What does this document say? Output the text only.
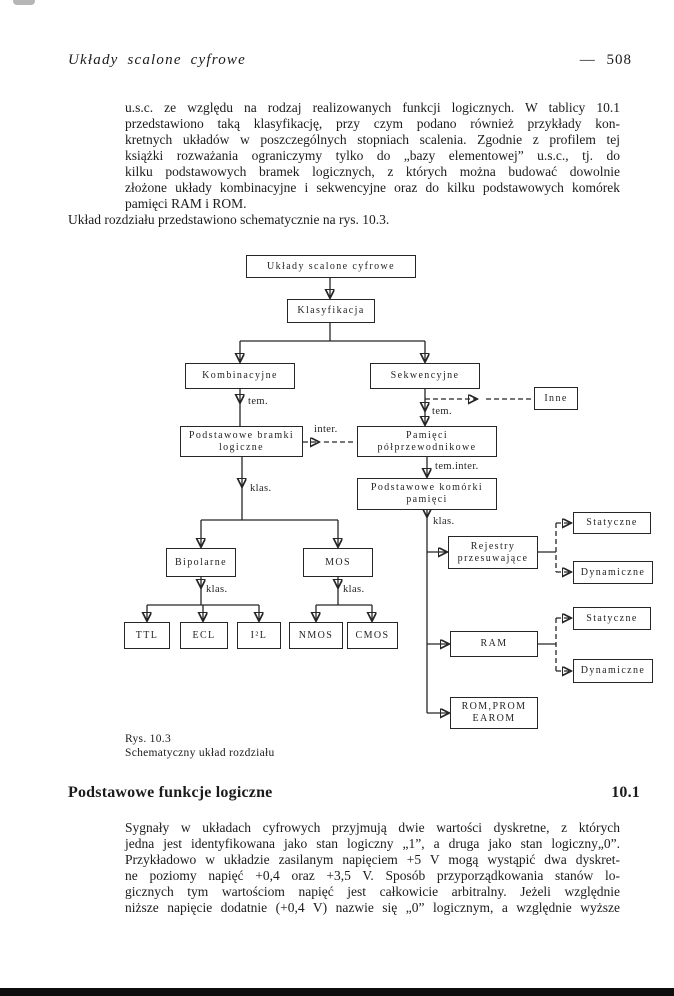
Układy scalone cyfrowe	— 508
u.s.c. ze względu na rodzaj realizowanych funkcji logicznych. W tablicy 10.1
przedstawiono taką klasyfikację, przy czym podano również przykłady kon-
kretnych układów w poszczególnych stopniach scalenia. Zgodnie z profilem tej
książki rozważania ograniczymy tylko do „bazy elementowej” u.s.c., tj. do
kilku podstawowych bramek logicznych, z których można budować dowolnie
złożone układy kombinacyjne i sekwencyjne oraz do kilku podstawowych komórek
pamięci RAM i ROM.
Układ rozdziału przedstawiono schematycznie na rys. 10.3.
Układy scalone cyfrowe
Klasyfikacja
Kombinacyjne	Sekwencyjne
Inne
Podstawowe bramki
logiczne
Pamięci
półprzewodnikowe
Podstawowe komórki
pamięci
Bipolarne	MOS
TTL	ECL	I²L	NMOS CMOS
Rejestry
przesuwające
Statyczne
Dynamiczne
RAM
Statyczne
Dynamiczne
ROM,PROM
EAROM
tem.
tem.
inter.
tem.inter.
klas.
klas.
klas.	klas.
Rys. 10.3
Schematyczny układ rozdziału
Podstawowe funkcje logiczne	10.1
Sygnały w układach cyfrowych przyjmują dwie wartości dyskretne, z których
jedna jest identyfikowana jako stan logiczny „1”, a druga jako stan logiczny„0”.
Przykładowo w układzie zasilanym napięciem +5 V mogą wystąpić dwa dyskret-
ne poziomy napięć +0,4 oraz +3,5 V. Sposób przyporządkowania stanów lo-
gicznych tym wartościom napięć jest całkowicie arbitralny. Jeżeli względnie
niższe napięcie dodatnie (+0,4 V) nazwie się „0” logicznym, a względnie wyższe
